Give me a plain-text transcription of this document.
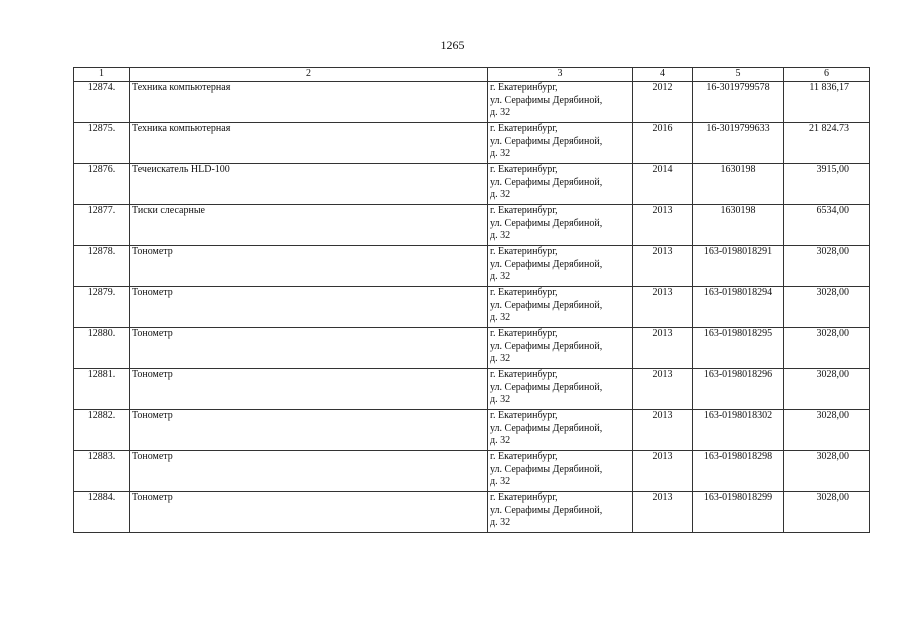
1265
1	2	3	4	5	6
12874.	Техника компьютерная	г. Екатеринбург,
ул. Серафимы Дерябиной,
д. 32	2012	16-3019799578	11 836,17
12875.	Техника компьютерная	г. Екатеринбург,
ул. Серафимы Дерябиной,
д. 32	2016	16-3019799633	21 824.73
12876.	Течеискатель HLD-100	г. Екатеринбург,
ул. Серафимы Дерябиной,
д. 32	2014	1630198	3915,00
12877.	Тиски слесарные	г. Екатеринбург,
ул. Серафимы Дерябиной,
д. 32	2013	1630198	6534,00
12878.	Тонометр	г. Екатеринбург,
ул. Серафимы Дерябиной,
д. 32	2013	163-0198018291	3028,00
12879.	Тонометр	г. Екатеринбург,
ул. Серафимы Дерябиной,
д. 32	2013	163-0198018294	3028,00
12880.	Тонометр	г. Екатеринбург,
ул. Серафимы Дерябиной,
д. 32	2013	163-0198018295	3028,00
12881.	Тонометр	г. Екатеринбург,
ул. Серафимы Дерябиной,
д. 32	2013	163-0198018296	3028,00
12882.	Тонометр	г. Екатеринбург,
ул. Серафимы Дерябиной,
д. 32	2013	163-0198018302	3028,00
12883.	Тонометр	г. Екатеринбург,
ул. Серафимы Дерябиной,
д. 32	2013	163-0198018298	3028,00
12884.	Тонометр	г. Екатеринбург,
ул. Серафимы Дерябиной,
д. 32	2013	163-0198018299	3028,00
